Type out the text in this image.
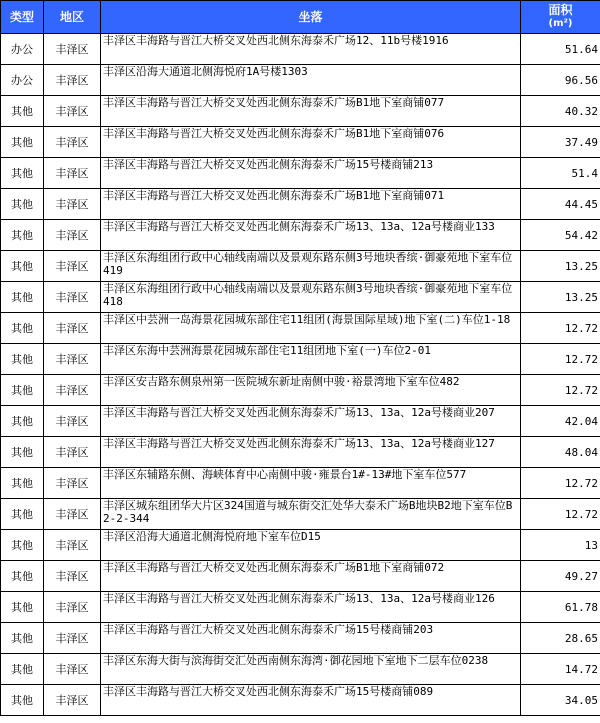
类型	地区	坐落	面积
(m²)

办公	丰泽区	丰泽区丰海路与晋江大桥交叉处西北侧东海泰禾广场12、11b号楼1916	51.64
办公	丰泽区	丰泽区沿海大通道北侧海悦府1A号楼1303	96.56
其他	丰泽区	丰泽区丰海路与晋江大桥交叉处西北侧东海泰禾广场B1地下室商铺077	40.32
其他	丰泽区	丰泽区丰海路与晋江大桥交叉处西北侧东海泰禾广场B1地下室商铺076	37.49
其他	丰泽区	丰泽区丰海路与晋江大桥交叉处西北侧东海泰禾广场15号楼商铺213	51.4
其他	丰泽区	丰泽区丰海路与晋江大桥交叉处西北侧东海泰禾广场B1地下室商铺071	44.45
其他	丰泽区	丰泽区丰海路与晋江大桥交叉处西北侧东海泰禾广场13、13a、12a号楼商业133	54.42
其他	丰泽区	丰泽区东海组团行政中心轴线南端以及景观东路东侧3号地块香缤·御豪苑地下室车位419	13.25
其他	丰泽区	丰泽区东海组团行政中心轴线南端以及景观东路东侧3号地块香缤·御豪苑地下室车位418	13.25
其他	丰泽区	丰泽区中芸洲一岛海景花园城东部住宅11组团(海景国际星域)地下室(二)车位1-18	12.72
其他	丰泽区	丰泽区东海中芸洲海景花园城东部住宅11组团地下室(一)车位2-01	12.72
其他	丰泽区	丰泽区安吉路东侧泉州第一医院城东新址南侧中骏·裕景湾地下室车位482	12.72
其他	丰泽区	丰泽区丰海路与晋江大桥交叉处西北侧东海泰禾广场13、13a、12a号楼商业207	42.04
其他	丰泽区	丰泽区丰海路与晋江大桥交叉处西北侧东海泰禾广场13、13a、12a号楼商业127	48.04
其他	丰泽区	丰泽区东辅路东侧、海峡体育中心南侧中骏·雍景台1#-13#地下室车位577	12.72
其他	丰泽区	丰泽区城东组团华大片区324国道与城东街交汇处华大泰禾广场B地块B2地下室车位B2-2-344	12.72
其他	丰泽区	丰泽区沿海大通道北侧海悦府地下室车位D15	13
其他	丰泽区	丰泽区丰海路与晋江大桥交叉处西北侧东海泰禾广场B1地下室商铺072	49.27
其他	丰泽区	丰泽区丰海路与晋江大桥交叉处西北侧东海泰禾广场13、13a、12a号楼商业126	61.78
其他	丰泽区	丰泽区丰海路与晋江大桥交叉处西北侧东海泰禾广场15号楼商铺203	28.65
其他	丰泽区	丰泽区东海大街与滨海街交汇处西南侧东海湾·御花园地下室地下二层车位0238	14.72
其他	丰泽区	丰泽区丰海路与晋江大桥交叉处西北侧东海泰禾广场15号楼商铺089	34.05
